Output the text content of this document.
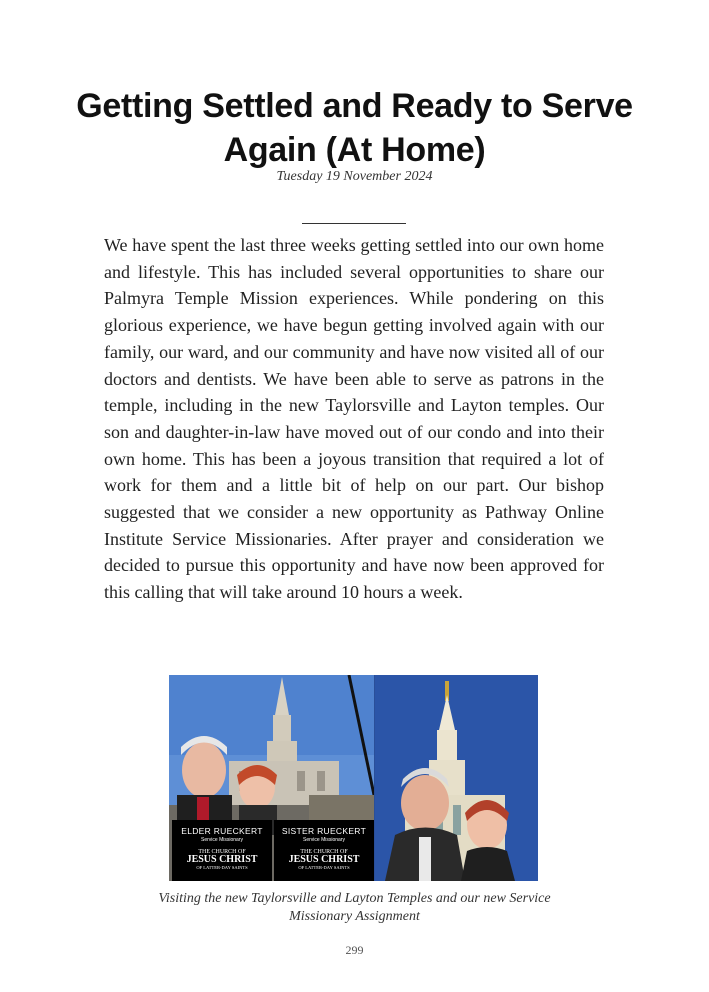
Getting Settled and Ready to Serve Again (At Home)
Tuesday 19 November 2024

We have spent the last three weeks getting settled into our own home and lifestyle. This has included several opportunities to share our Palmyra Temple Mission experiences. While pondering on this glorious experience, we have begun getting involved again with our family, our ward, and our community and have now visited all of our doctors and dentists. We have been able to serve as patrons in the temple, including in the new Taylorsville and Layton temples. Our son and daughter-in-law have moved out of our condo and into their own home. This has been a joyous transition that required a lot of work for them and a little bit of help on our part. Our bishop suggested that we consider a new opportunity as Pathway Online Institute Service Missionaries. After prayer and consideration we decided to pursue this opportunity and have now been approved for this calling that will take around 10 hours a week.

ELDER RUECKERT
Service Missionary
THE CHURCH OF
JESUS CHRIST
OF LATTER-DAY SAINTS
SISTER RUECKERT
Service Missionary
THE CHURCH OF
JESUS CHRIST
OF LATTER-DAY SAINTS

Visiting the new Taylorsville and Layton Temples and our new Service Missionary Assignment

299
